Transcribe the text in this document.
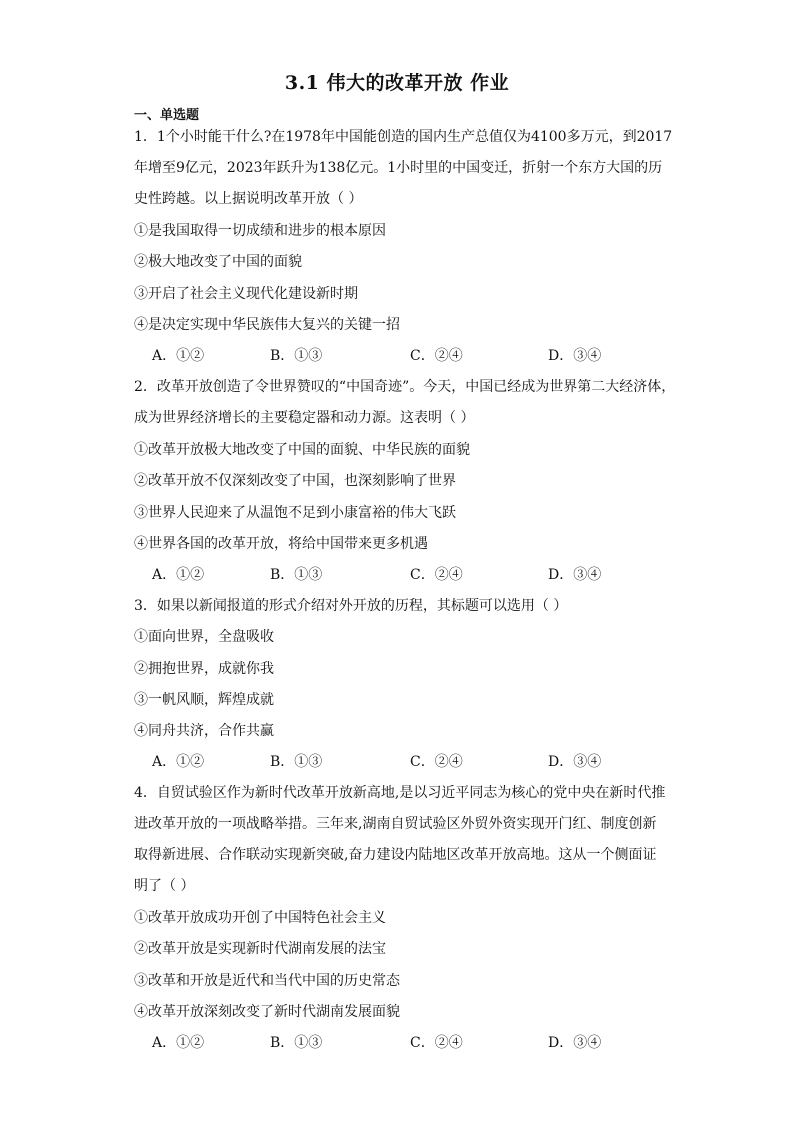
3.1 伟大的改革开放 作业
一、单选题
1．1个小时能干什么?在1978年中国能创造的国内生产总值仅为4100多万元，到2017
年增至9亿元，2023年跃升为138亿元。1小时里的中国变迁，折射一个东方大国的历
史性跨越。以上据说明改革开放（ ）
①是我国取得一切成绩和进步的根本原因
②极大地改变了中国的面貌
③开启了社会主义现代化建设新时期
④是决定实现中华民族伟大复兴的关键一招
A．①②	B．①③	C．②④	D．③④
2．改革开放创造了令世界赞叹的“中国奇迹”。今天，中国已经成为世界第二大经济体，
成为世界经济增长的主要稳定器和动力源。这表明（ ）
①改革开放极大地改变了中国的面貌、中华民族的面貌
②改革开放不仅深刻改变了中国，也深刻影响了世界
③世界人民迎来了从温饱不足到小康富裕的伟大飞跃
④世界各国的改革开放，将给中国带来更多机遇
A．①②	B．①③	C．②④	D．③④
3．如果以新闻报道的形式介绍对外开放的历程，其标题可以选用（ ）
①面向世界，全盘吸收
②拥抱世界，成就你我
③一帆风顺，辉煌成就
④同舟共济，合作共赢
A．①②	B．①③	C．②④	D．③④
4．自贸试验区作为新时代改革开放新高地,是以习近平同志为核心的党中央在新时代推
进改革开放的一项战略举措。三年来,湖南自贸试验区外贸外资实现开门红、制度创新
取得新进展、合作联动实现新突破,奋力建设内陆地区改革开放高地。这从一个侧面证
明了（ ）
①改革开放成功开创了中国特色社会主义
②改革开放是实现新时代湖南发展的法宝
③改革和开放是近代和当代中国的历史常态
④改革开放深刻改变了新时代湖南发展面貌
A．①②	B．①③	C．②④	D．③④
